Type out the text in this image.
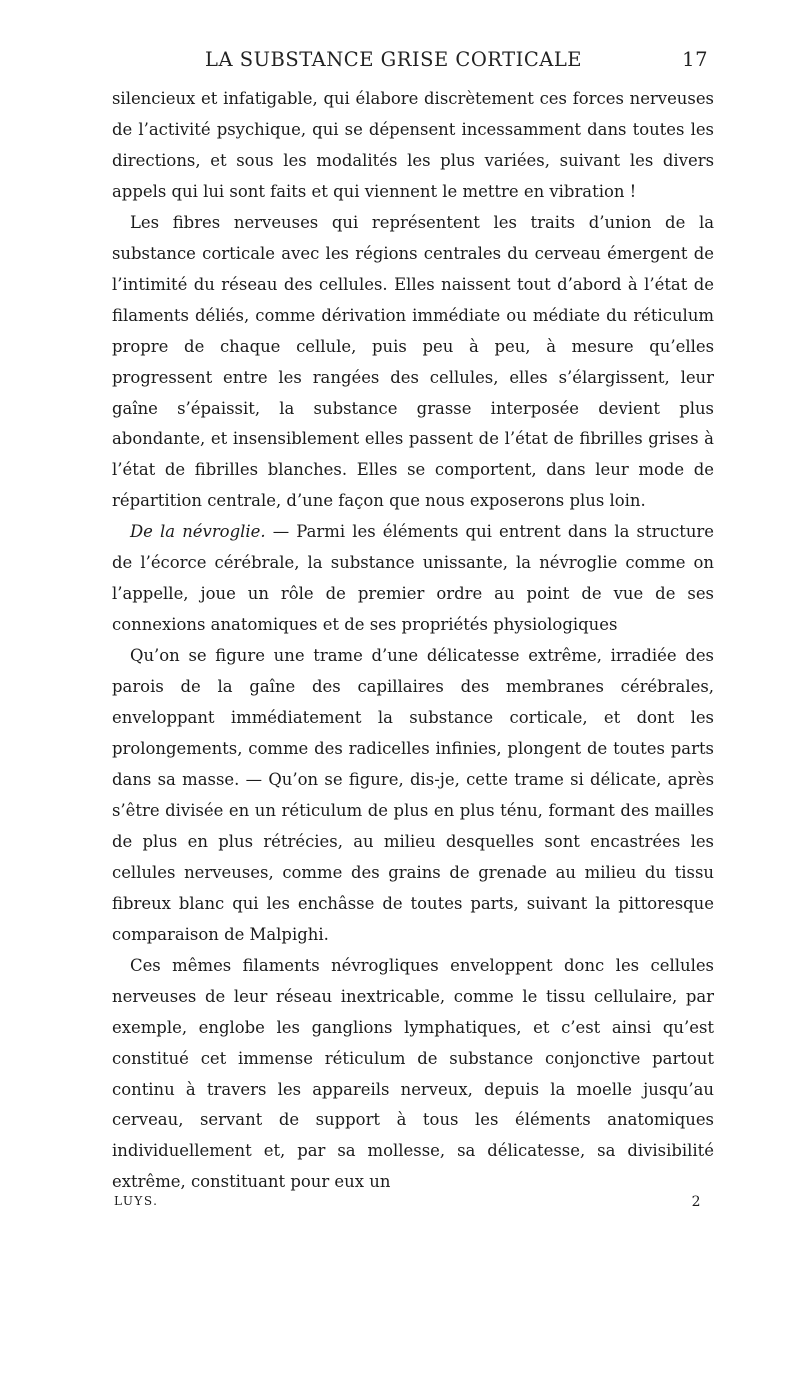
LA SUBSTANCE GRISE CORTICALE	17

silencieux et infatigable, qui élabore discrètement ces forces nerveuses de l’activité psychique, qui se dépensent incessamment dans toutes les directions, et sous les modalités les plus variées, suivant les divers appels qui lui sont faits et qui viennent le mettre en vibration !

Les fibres nerveuses qui représentent les traits d’union de la substance corticale avec les régions centrales du cerveau émergent de l’intimité du réseau des cellules. Elles naissent tout d’abord à l’état de filaments déliés, comme dérivation immédiate ou médiate du réticulum propre de chaque cellule, puis peu à peu, à mesure qu’elles progressent entre les rangées des cellules, elles s’élargissent, leur gaîne s’épaissit, la substance grasse interposée devient plus abondante, et insensiblement elles passent de l’état de fibrilles grises à l’état de fibrilles blanches. Elles se comportent, dans leur mode de répartition centrale, d’une façon que nous exposerons plus loin.

De la névroglie. — Parmi les éléments qui entrent dans la structure de l’écorce cérébrale, la substance unissante, la névroglie comme on l’appelle, joue un rôle de premier ordre au point de vue de ses connexions anatomiques et de ses propriétés physiologiques

Qu’on se figure une trame d’une délicatesse extrême, irradiée des parois de la gaîne des capillaires des membranes cérébrales, enveloppant immédiatement la substance corticale, et dont les prolongements, comme des radicelles infinies, plongent de toutes parts dans sa masse. — Qu’on se figure, dis-je, cette trame si délicate, après s’être divisée en un réticulum de plus en plus ténu, formant des mailles de plus en plus rétrécies, au milieu desquelles sont encastrées les cellules nerveuses, comme des grains de grenade au milieu du tissu fibreux blanc qui les enchâsse de toutes parts, suivant la pittoresque comparaison de Malpighi.

Ces mêmes filaments névrogliques enveloppent donc les cellules nerveuses de leur réseau inextricable, comme le tissu cellulaire, par exemple, englobe les ganglions lymphatiques, et c’est ainsi qu’est constitué cet immense réticulum de substance conjonctive partout continu à travers les appareils nerveux, depuis la moelle jusqu’au cerveau, servant de support à tous les éléments anatomiques individuellement et, par sa mollesse, sa délicatesse, sa divisibilité extrême, constituant pour eux un

LUYS.	2
